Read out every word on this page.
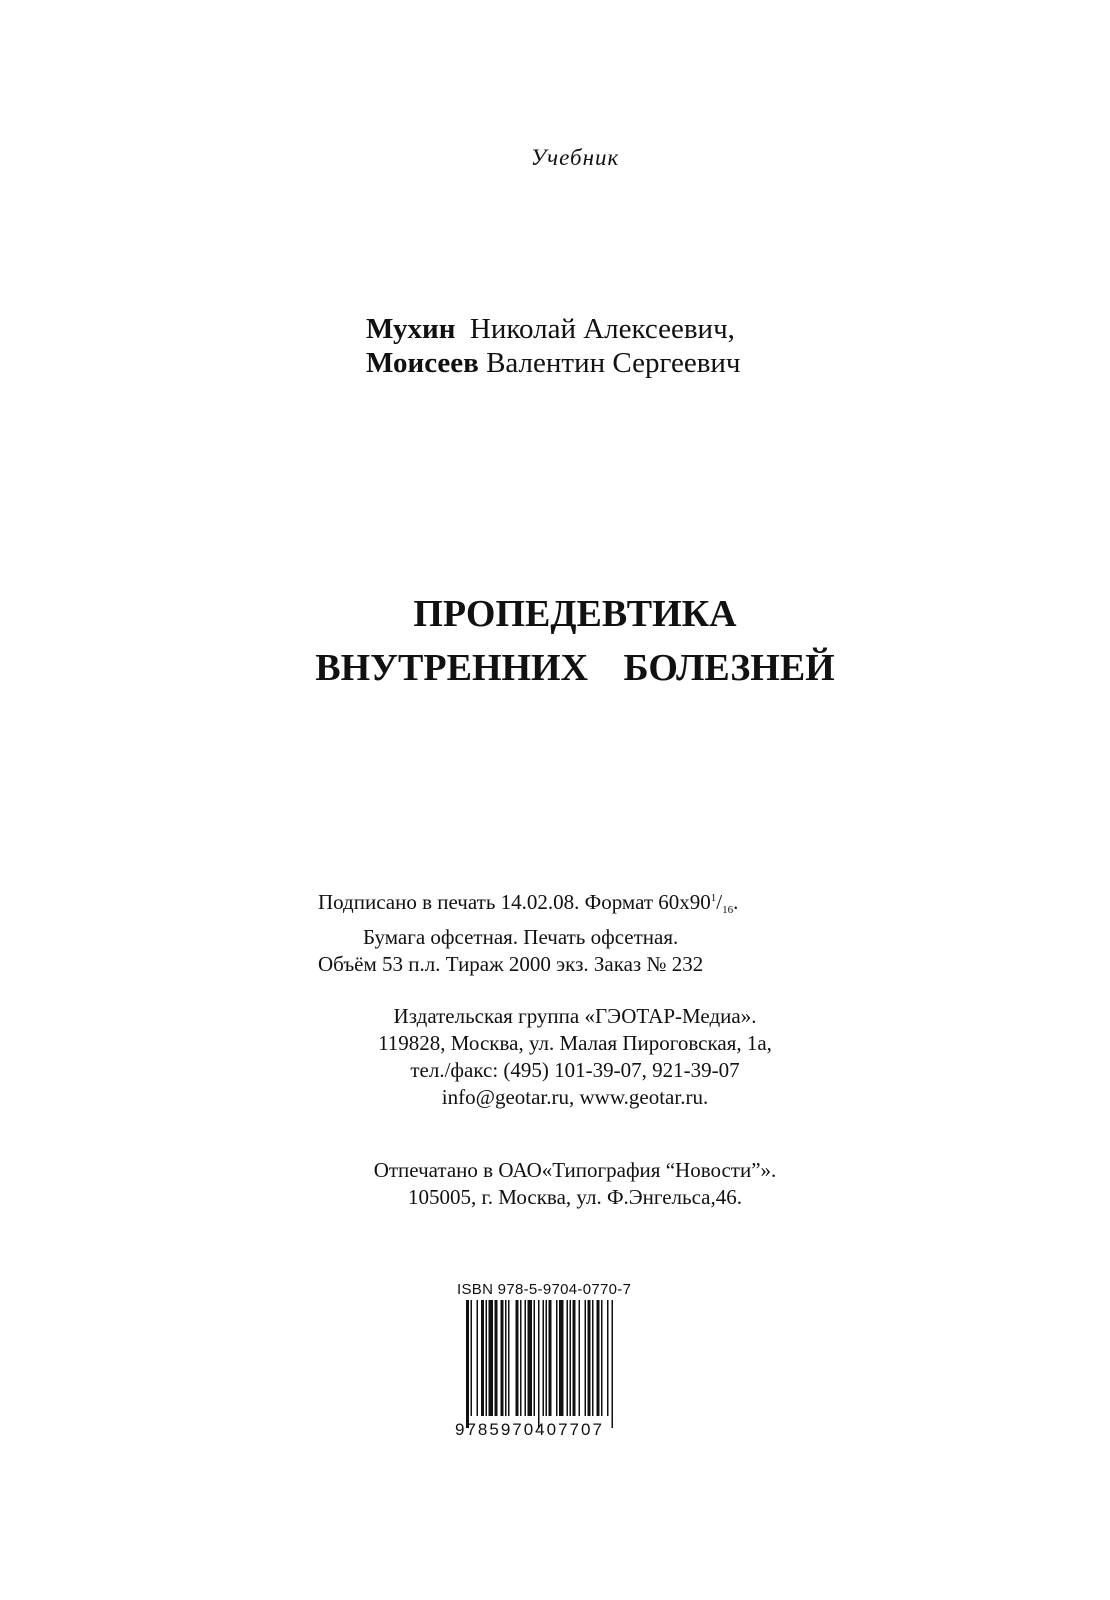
Учебник
Мухин Николай Алексеевич,
Моисеев Валентин Сергеевич
ПРОПЕДЕВТИКА
ВНУТРЕННИХ БОЛЕЗНЕЙ
Подписано в печать 14.02.08. Формат $60x90^1/_{16}$.
Бумага офсетная. Печать офсетная.
Объём 53 п.л. Тираж 2000 экз. Заказ № 232
Издательская группа «ГЭОТАР-Медиа».
119828, Москва, ул. Малая Пироговская, 1а,
тел./факс: (495) 101-39-07, 921-39-07
info@geotar.ru, www.geotar.ru.
Отпечатано в ОАО«Типография “Новости”».
105005, г. Москва, ул. Ф.Энгельса,46.
ISBN 978-5-9704-0770-7
9785970407707
